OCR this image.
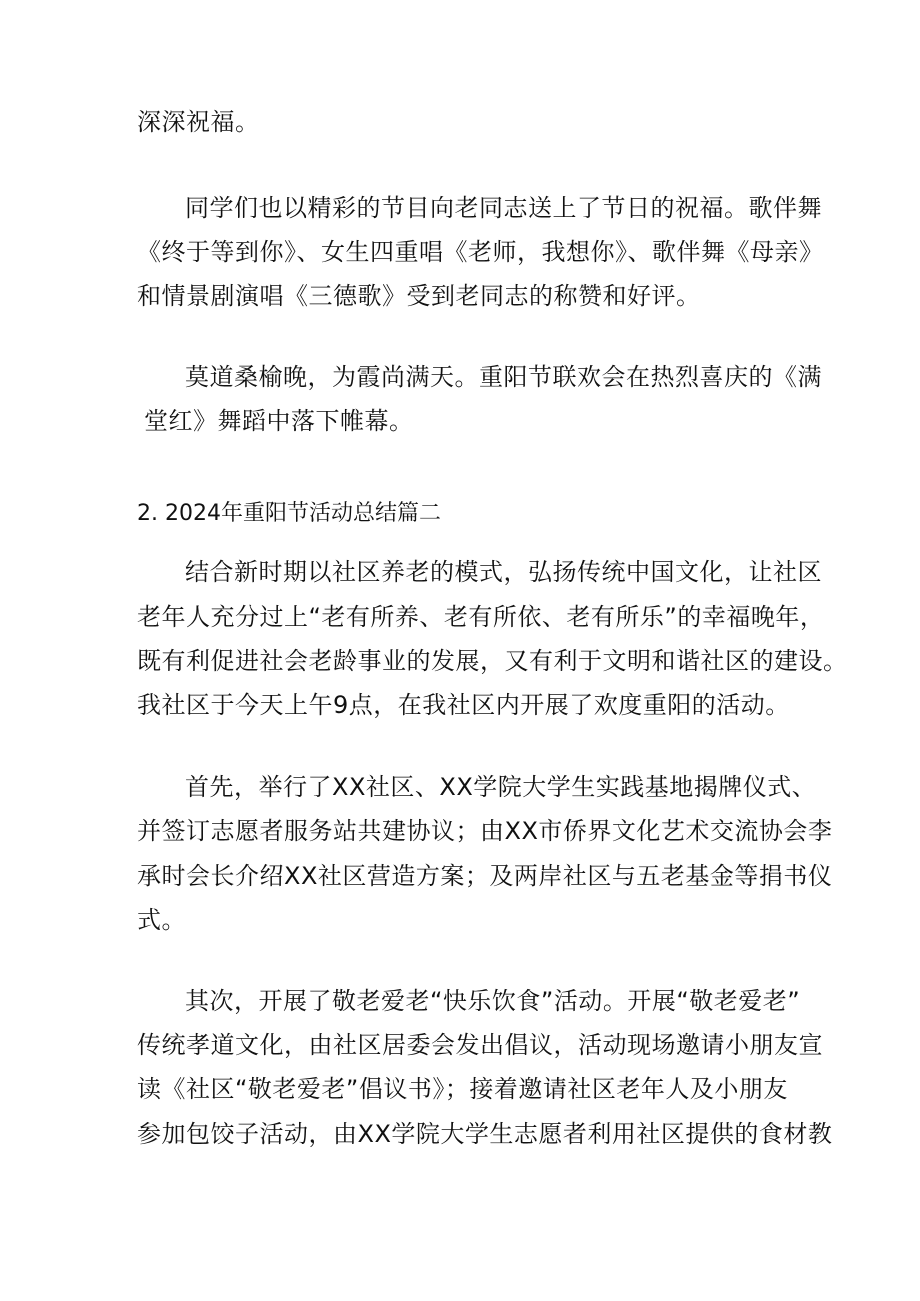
深深祝福。
同学们也以精彩的节目向老同志送上了节日的祝福。歌伴舞
《终于等到你》、女生四重唱《老师，我想你》、歌伴舞《母亲》
和情景剧演唱《三德歌》受到老同志的称赞和好评。
莫道桑榆晚，为霞尚满天。重阳节联欢会在热烈喜庆的《满
堂红》舞蹈中落下帷幕。
2. 2024年重阳节活动总结篇二
结合新时期以社区养老的模式，弘扬传统中国文化，让社区
老年人充分过上“老有所养、老有所依、老有所乐”的幸福晚年，
既有利促进社会老龄事业的发展，又有利于文明和谐社区的建设。
我社区于今天上午9点，在我社区内开展了欢度重阳的活动。
首先，举行了XX社区、XX学院大学生实践基地揭牌仪式、
并签订志愿者服务站共建协议；由XX市侨界文化艺术交流协会李
承时会长介绍XX社区营造方案；及两岸社区与五老基金等捐书仪
式。
其次，开展了敬老爱老“快乐饮食”活动。开展“敬老爱老”
传统孝道文化，由社区居委会发出倡议，活动现场邀请小朋友宣
读《社区“敬老爱老”倡议书》；接着邀请社区老年人及小朋友
参加包饺子活动，由XX学院大学生志愿者利用社区提供的食材教
